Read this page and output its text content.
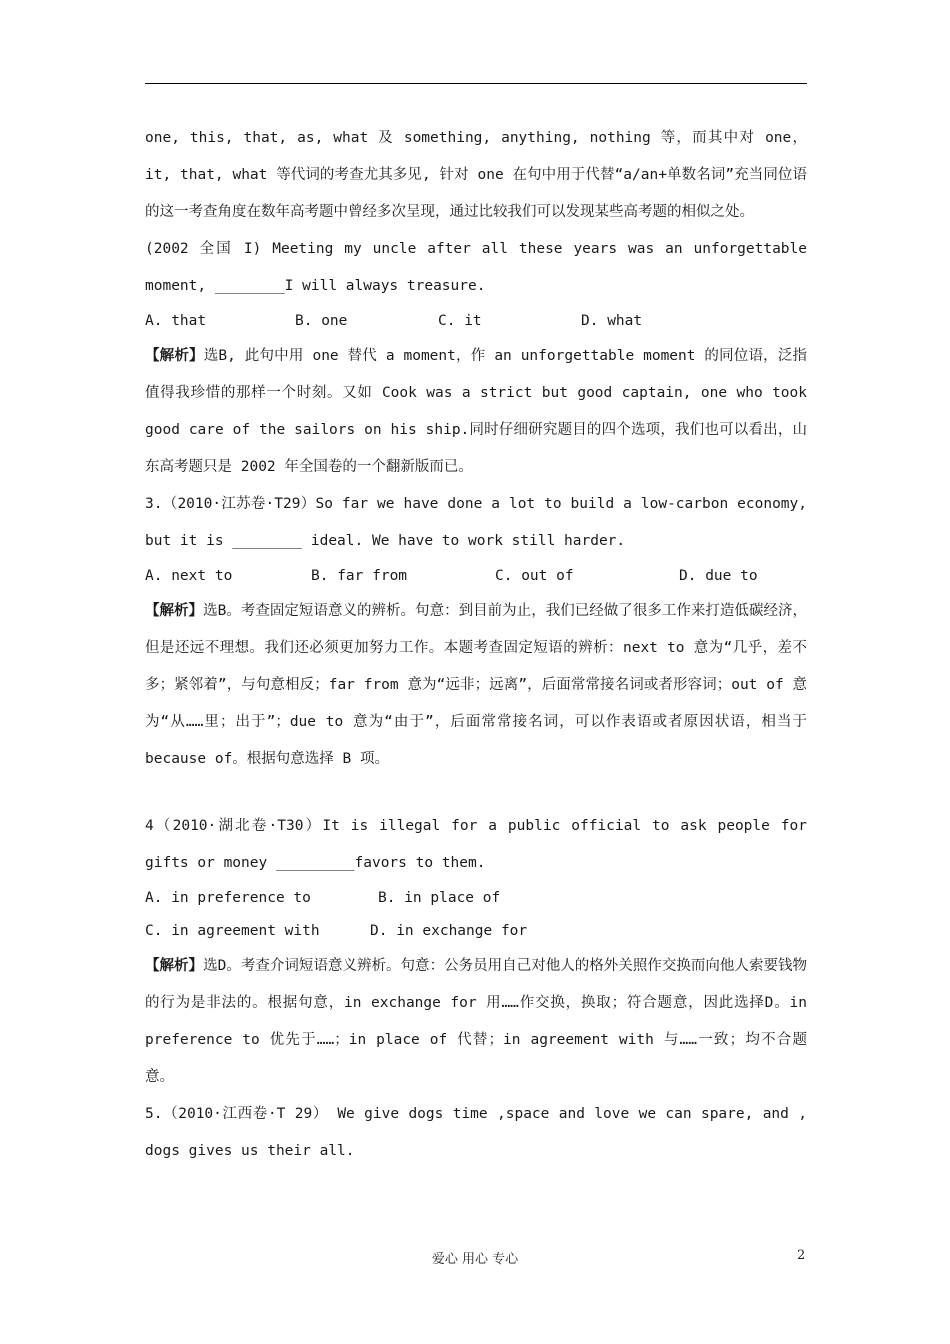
one, this, that, as, what 及 something, anything, nothing 等，而其中对 one，it, that, what 等代词的考查尤其多见, 针对 one 在句中用于代替“a/an+单数名词”充当同位语的这一考查角度在数年高考题中曾经多次呈现，通过比较我们可以发现某些高考题的相似之处。

(2002 全国 I) Meeting my uncle after all these years was an unforgettable moment, ________I will always treasure.

A. that	B. one	C. it	D. what

【解析】选B, 此句中用 one 替代 a moment，作 an unforgettable moment 的同位语，泛指值得我珍惜的那样一个时刻。又如 Cook was a strict but good captain, one who took good care of the sailors on his ship.同时仔细研究题目的四个选项，我们也可以看出，山东高考题只是 2002 年全国卷的一个翻新版而已。

3.（2010·江苏卷·T29）So far we have done a lot to build a low-carbon economy, but it is ________ ideal. We have to work still harder.

A. next to	B. far from	C. out of	D. due to

【解析】选B。考查固定短语意义的辨析。句意：到目前为止，我们已经做了很多工作来打造低碳经济，但是还远不理想。我们还必须更加努力工作。本题考查固定短语的辨析：next to 意为“几乎，差不多；紧邻着”，与句意相反；far from 意为“远非；远离”，后面常常接名词或者形容词；out of 意为“从……里；出于”；due to 意为“由于”，后面常常接名词，可以作表语或者原因状语，相当于 because of。根据句意选择 B 项。

4（2010·湖北卷·T30）It is illegal for a public official to ask people for gifts or money _________favors to them.

A. in preference to	B. in place of
C. in agreement with	D. in exchange for

【解析】选D。考查介词短语意义辨析。句意：公务员用自己对他人的格外关照作交换而向他人索要钱物的行为是非法的。根据句意，in exchange for 用……作交换，换取；符合题意，因此选择D。in preference to 优先于……；in place of 代替；in agreement with 与……一致；均不合题意。

5.（2010·江西卷·T 29） We give dogs time ,space and love we can spare, and , dogs gives us their all.

爱心 用心 专心	2
